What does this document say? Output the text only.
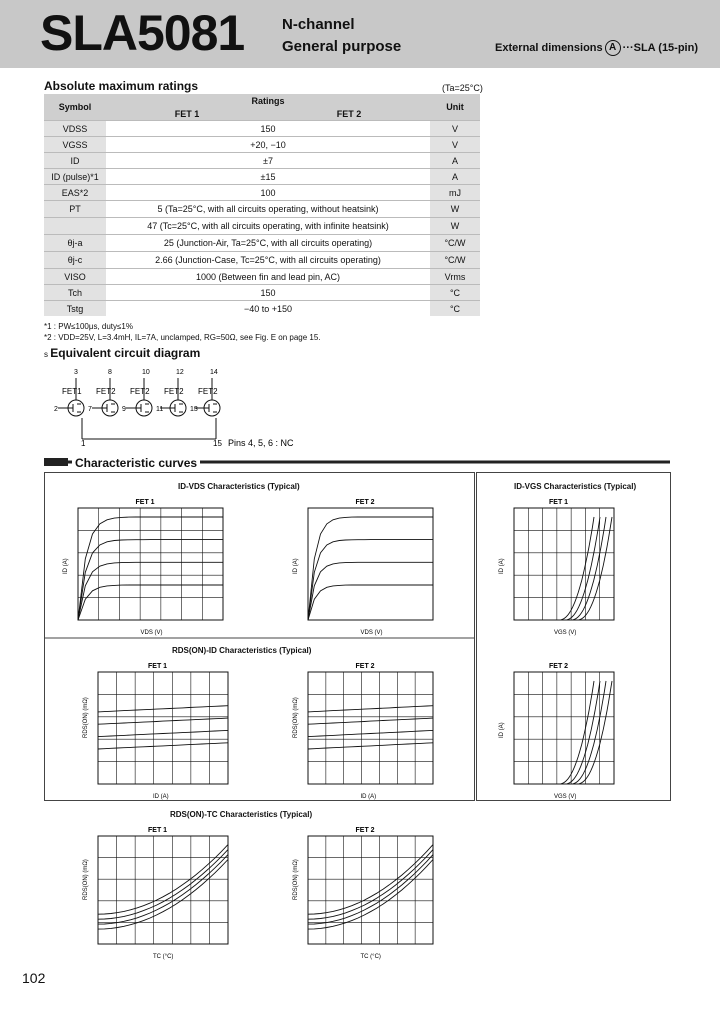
SLA5081	N-channel
General purpose	External dimensions A ···SLA (15-pin)
Absolute maximum ratings	(Ta=25°C)
Symbol	Ratings		Unit
	FET 1	FET 2	
VDSS	150		V
VGSS	+20, −10		V
ID	±7		A
ID (pulse)*1	±15		A
EAS*2	100		mJ
PT	5 (Ta=25°C, with all circuits operating, without heatsink)		W
	47 (Tc=25°C, with all circuits operating, with infinite heatsink)		W
θj-a	25 (Junction-Air, Ta=25°C, with all circuits operating)		°C/W
θj-c	2.66 (Junction-Case, Tc=25°C, with all circuits operating)		°C/W
VISO	1000 (Between fin and lead pin, AC)		Vrms
Tch	150		°C
Tstg	−40 to +150		°C
*1 : PW≤100μs, duty≤1%
*2 : VDD=25V, L=3.4mH, IL=7A, unclamped, RG=50Ω, see Fig. E on page 15.
s Equivalent circuit diagram
FET1
3
2
FET2
8
7
FET2
10
9
FET2
12
11
FET2
14
13
1	15 Pins 4, 5, 6 : NC
Characteristic curves
ID-VDS Characteristics (Typical)	ID-VGS Characteristics (Typical)
RDS(ON)-ID Characteristics (Typical)
RDS(ON)-TC Characteristics (Typical)
FET 1
VDS (V)
ID (A)
FET 2
VDS (V)
ID (A)
FET 1
VGS (V)
ID (A)
FET 1
ID (A)
RDS(ON) (mΩ)
FET 2
ID (A)
RDS(ON) (mΩ)
FET 2
VGS (V)
ID (A)
FET 1
TC (°C)
RDS(ON) (mΩ)
FET 2
TC (°C)
RDS(ON) (mΩ)
102
